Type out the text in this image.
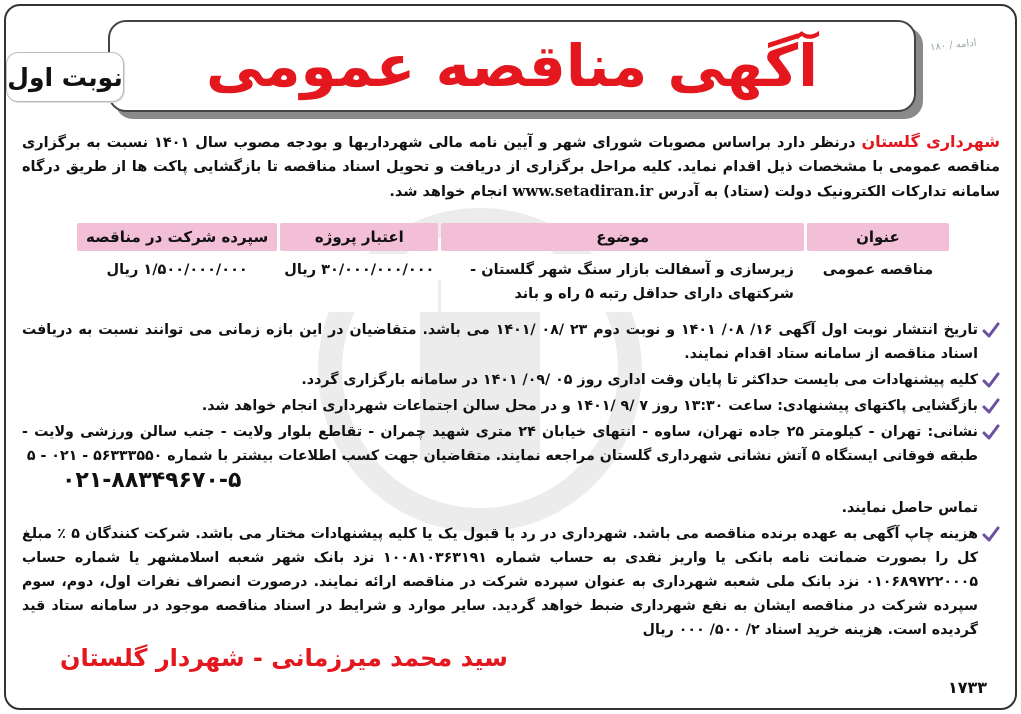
ادامه / ۱۸۰
آگهی مناقصه عمومی
نوبت اول
شهرداری گلستان درنظر دارد براساس مصوبات شورای شهر و آیین نامه مالی شهرداریها و بودجه مصوب سال ۱۴۰۱ نسبت به برگزاری مناقصه عمومی با مشخصات ذیل اقدام نماید. کلیه مراحل برگزاری از دریافت و تحویل اسناد مناقصه تا بازگشایی پاکت ها از طریق درگاه سامانه تدارکات الکترونیک دولت (ستاد) به آدرس www.setadiran.ir انجام خواهد شد.
عنوان	موضوع	اعتبار پروژه	سپرده شرکت در مناقصه
مناقصه عمومی	زیرسازی و آسفالت بازار سنگ شهر گلستان -
شرکتهای دارای حداقل رتبه ۵ راه و باند	۳۰/۰۰۰/۰۰۰/۰۰۰ ریال	۱/۵۰۰/۰۰۰/۰۰۰ ریال
تاریخ انتشار نوبت اول آگهی ۱۶/ ۰۸/ ۱۴۰۱ و نوبت دوم ۲۳ /۰۸ /۱۴۰۱ می باشد. متقاضیان در این بازه زمانی می توانند نسبت به دریافت اسناد مناقصه از سامانه ستاد اقدام نمایند.
کلیه پیشنهادات می بایست حداکثر تا پایان وقت اداری روز ۰۵ /۰۹/ ۱۴۰۱ در سامانه بارگزاری گردد.
بازگشایی پاکتهای پیشنهادی: ساعت ۱۳:۳۰ روز ۷ /۹ /۱۴۰۱ و در محل سالن اجتماعات شهرداری انجام خواهد شد.
نشانی: تهران - کیلومتر ۲۵ جاده تهران، ساوه - انتهای خیابان ۲۴ متری شهید چمران - تقاطع بلوار ولایت - جنب سالن ورزشی ولایت - طبقه فوقانی ایستگاه ۵ آتش نشانی شهرداری گلستان مراجعه نمایند. متقاضیان جهت کسب اطلاعات بیشتر با شماره ۵۶۳۳۳۵۵۰ - ۰۲۱ - ۵
۰۲۱-۸۸۳۴۹۶۷۰-۵
تماس حاصل نمایند.
هزینه چاپ آگهی به عهده برنده مناقصه می باشد. شهرداری در رد یا قبول یک یا کلیه پیشنهادات مختار می باشد. شرکت کنندگان ۵ ٪ مبلغ کل را بصورت ضمانت نامه بانکی یا واریز نقدی به حساب شماره ۱۰۰۸۱۰۳۶۳۱۹۱ نزد بانک شهر شعبه اسلامشهر یا شماره حساب ۰۱۰۶۸۹۷۲۲۰۰۰۵ نزد بانک ملی شعبه شهرداری به عنوان سپرده شرکت در مناقصه ارائه نمایند. درصورت انصراف نفرات اول، دوم، سوم سپرده شرکت در مناقصه ایشان به نفع شهرداری ضبط خواهد گردید. سایر موارد و شرایط در اسناد مناقصه موجود در سامانه ستاد قید گردیده است. هزینه خرید اسناد ۲/ ۵۰۰/ ۰۰۰ ریال
سید محمد میرزمانی - شهردار گلستان
۱۷۳۳
